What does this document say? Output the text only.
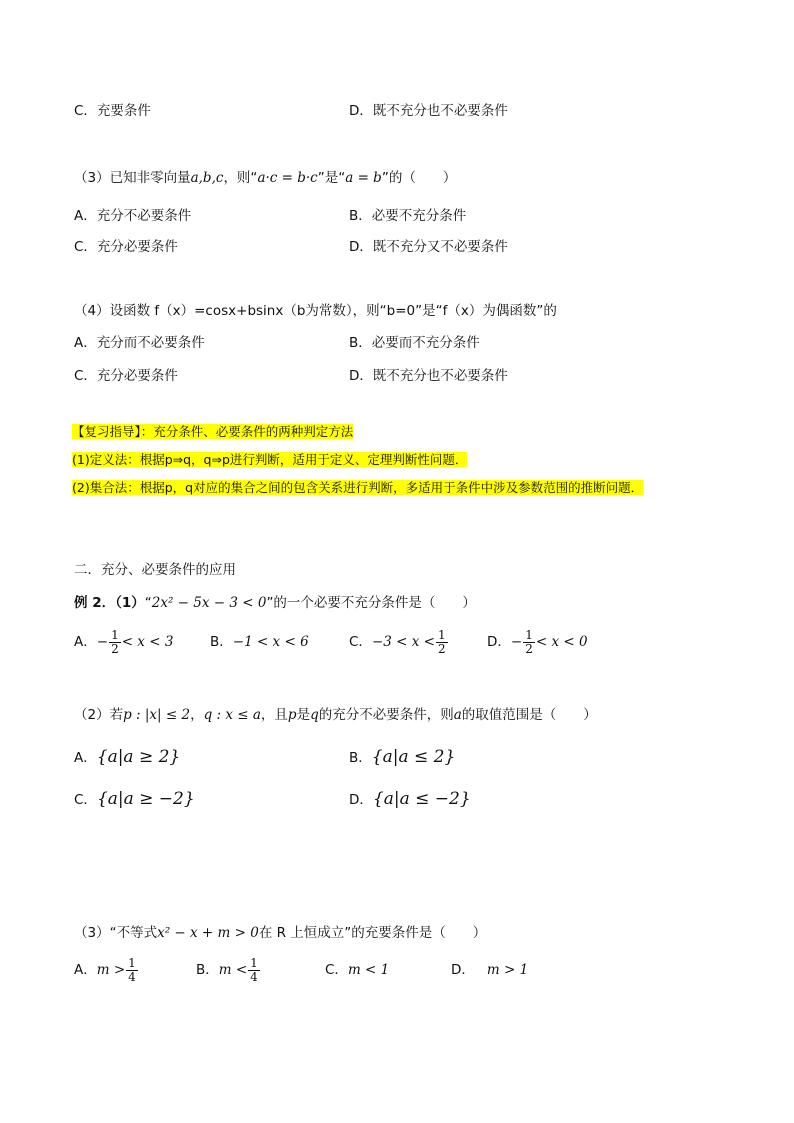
C．充要条件	D．既不充分也不必要条件
（3）已知非零向量a,b,c，则“a·c = b·c”是“a = b”的（　　）
A．充分不必要条件	B．必要不充分条件
C．充分必要条件	D．既不充分又不必要条件
（4）设函数 f（x）=cosx+bsinx（b为常数），则“b=0”是“f（x）为偶函数”的
A．充分而不必要条件	B．必要而不充分条件
C．充分必要条件	D．既不充分也不必要条件
【复习指导】：充分条件、必要条件的两种判定方法
(1)定义法：根据p⇒q，q⇒p进行判断，适用于定义、定理判断性问题．
(2)集合法：根据p，q对应的集合之间的包含关系进行判断，多适用于条件中涉及参数范围的推断问题．
二．充分、必要条件的应用
例 2．（1）“2x² − 5x − 3 < 0”的一个必要不充分条件是（　　）
A．− $\frac{1}{2} < x < 3$	B．−1 < x < 6	C．$-3 < x < \frac{1}{2}$	D．− $\frac{1}{2} < x < 0$
（2）若p : |x| ≤ 2，q : x ≤ a，且p是q的充分不必要条件，则a的取值范围是（　　）
A．{a|a ≥ 2}	B．{a|a ≤ 2}
C．{a|a ≥ −2}	D．{a|a ≤ −2}
（3）“不等式x² − x + m > 0在 R 上恒成立”的充要条件是（　　）
A．$m > \frac{1}{4}$	B．$m < \frac{1}{4}$	C．m < 1	D． m > 1
